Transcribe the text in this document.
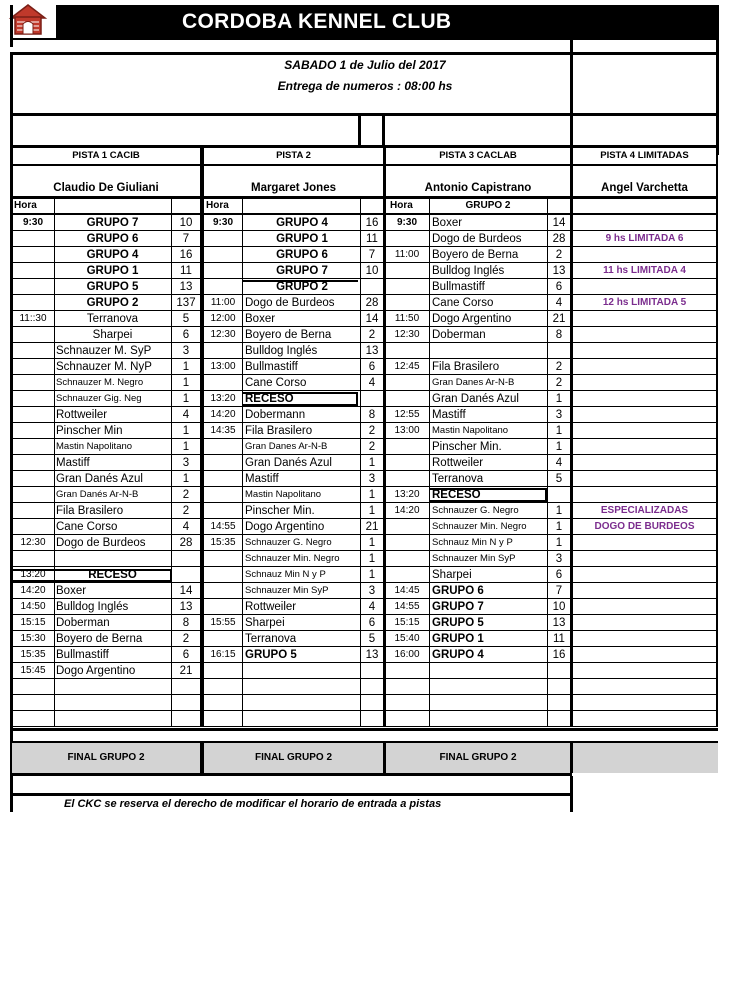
CORDOBA KENNEL CLUB
SABADO 1 de Julio del 2017
Entrega de numeros : 08:00 hs
PISTA 1 CACIB
Claudio De Giuliani
PISTA 2
Margaret Jones
PISTA 3 CACLAB
Antonio Capistrano
PISTA 4 LIMITADAS
Angel Varchetta
Hora	Hora	Hora	GRUPO 2
9:30	GRUPO 7	10
GRUPO 6	7
GRUPO 4	16
GRUPO 1	11
GRUPO 5	13
GRUPO 2	137
11::30	Terranova	5
Sharpei	6
Schnauzer M. SyP	3
Schnauzer M. NyP	1
Schnauzer M. Negro	1
Schnauzer Gig. Neg	1
Rottweiler	4
Pinscher Min	1
Mastin Napolitano	1
Mastiff	3
Gran Danés Azul	1
Gran Danés Ar-N-B	2
Fila Brasilero	2
Cane Corso	4
12:30 Dogo de Burdeos	28
13:20	RECESO
14:20 Boxer	14
14:50 Bulldog Inglés	13
15:15 Doberman	8
15:30 Boyero de Berna	2
15:35 Bullmastiff	6
15:45 Dogo Argentino	21
9:30	GRUPO 4	16
GRUPO 1	11
GRUPO 6	7
GRUPO 7	10
GRUPO 2
11:00 Dogo de Burdeos	28
12:00 Boxer	14
12:30 Boyero de Berna	2
Bulldog Inglés	13
13:00 Bullmastiff	6
Cane Corso	4
13:20 RECESO
14:20 Dobermann	8
14:35 Fila Brasilero	2
Gran Danes Ar-N-B	2
Gran Danés Azul	1
Mastiff	3
Mastin Napolitano	1
Pinscher Min.	1
14:55 Dogo Argentino	21
15:35 Schnauzer G. Negro	1
Schnauzer Min. Negro	1
Schnauz Min N y P	1
Schnauzer Min SyP	3
Rottweiler	4
15:55 Sharpei	6
Terranova	5
16:15 GRUPO 5	13
9:30	Boxer	14
Dogo de Burdeos	28
11:00	Boyero de Berna	2
Bulldog Inglés	13
Bullmastiff	6
Cane Corso	4
11:50	Dogo Argentino	21
12:30	Doberman	8
12:45	Fila Brasilero	2
Gran Danes Ar-N-B	2
Gran Danés Azul	1
12:55	Mastiff	3
13:00	Mastin Napolitano	1
Pinscher Min.	1
Rottweiler	4
Terranova	5
13:20	RECESO
14:20	Schnauzer G. Negro	1
Schnauzer Min. Negro	1
Schnauz Min N y P	1
Schnauzer Min SyP	3
Sharpei	6
14:45	GRUPO 6	7
14:55	GRUPO 7	10
15:15	GRUPO 5	13
15:40	GRUPO 1	11
16:00	GRUPO 4	16
9 hs LIMITADA 6
11 hs LIMITADA 4
12 hs LIMITADA 5
ESPECIALIZADAS
DOGO DE BURDEOS
FINAL GRUPO 2	FINAL GRUPO 2	FINAL GRUPO 2
El CKC se reserva el derecho de modificar el horario de entrada a pistas
